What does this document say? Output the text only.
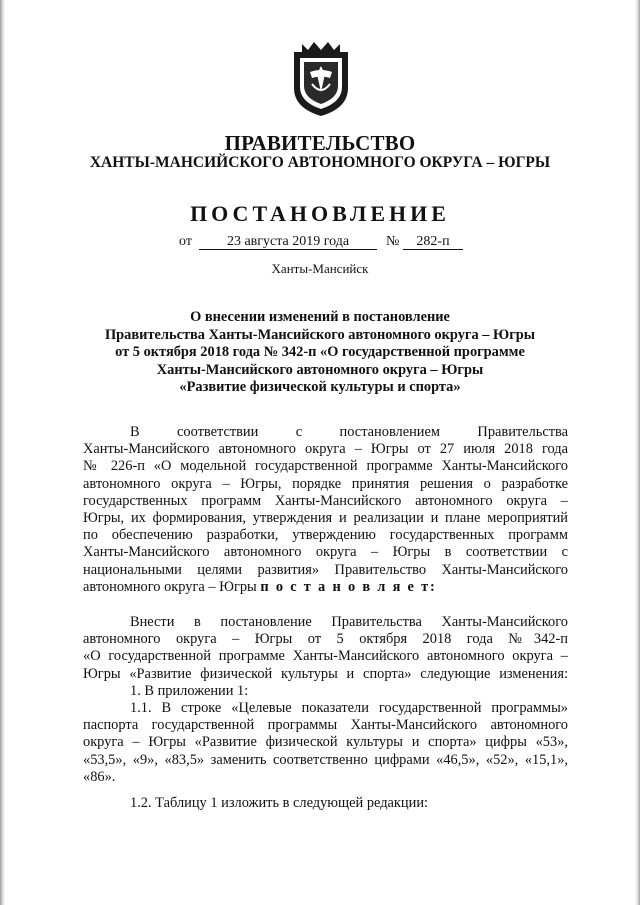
ПРАВИТЕЛЬСТВО
ХАНТЫ-МАНСИЙСКОГО АВТОНОМНОГО ОКРУГА – ЮГРЫ
ПОСТАНОВЛЕНИЕ
от	23 августа 2019 года	№	282-п
Ханты-Мансийск
О внесении изменений в постановление
Правительства Ханты-Мансийского автономного округа – Югры
от 5 октября 2018 года № 342-п «О государственной программе
Ханты-Мансийского автономного округа – Югры
«Развитие физической культуры и спорта»
В	соответствии	с	постановлением	Правительства
Ханты-Мансийского автономного округа – Югры от 27 июля 2018 года
№ 226-п «О модельной государственной программе Ханты-Мансийского
автономного округа – Югры, порядке принятия решения о разработке
государственных программ Ханты-Мансийского автономного округа –
Югры, их формирования, утверждения и реализации и плане мероприятий
по обеспечению разработки, утверждению государственных программ
Ханты-Мансийского автономного округа – Югры в соответствии с
национальными целями развития» Правительство Ханты-Мансийского
автономного округа – Югры п о с т а н о в л я е т:
Внести в постановление Правительства Ханты-Мансийского
автономного округа – Югры от 5 октября 2018 года №342-п
«О государственной программе Ханты-Мансийского автономного округа –
Югры «Развитие физической культуры и спорта» следующие изменения:
1. В приложении 1:
1.1. В строке «Целевые показатели государственной программы»
паспорта государственной программы Ханты-Мансийского автономного
округа – Югры «Развитие физической культуры и спорта» цифры «53»,
«53,5», «9», «83,5» заменить соответственно цифрами «46,5», «52», «15,1»,
«86».
1.2. Таблицу 1 изложить в следующей редакции:
